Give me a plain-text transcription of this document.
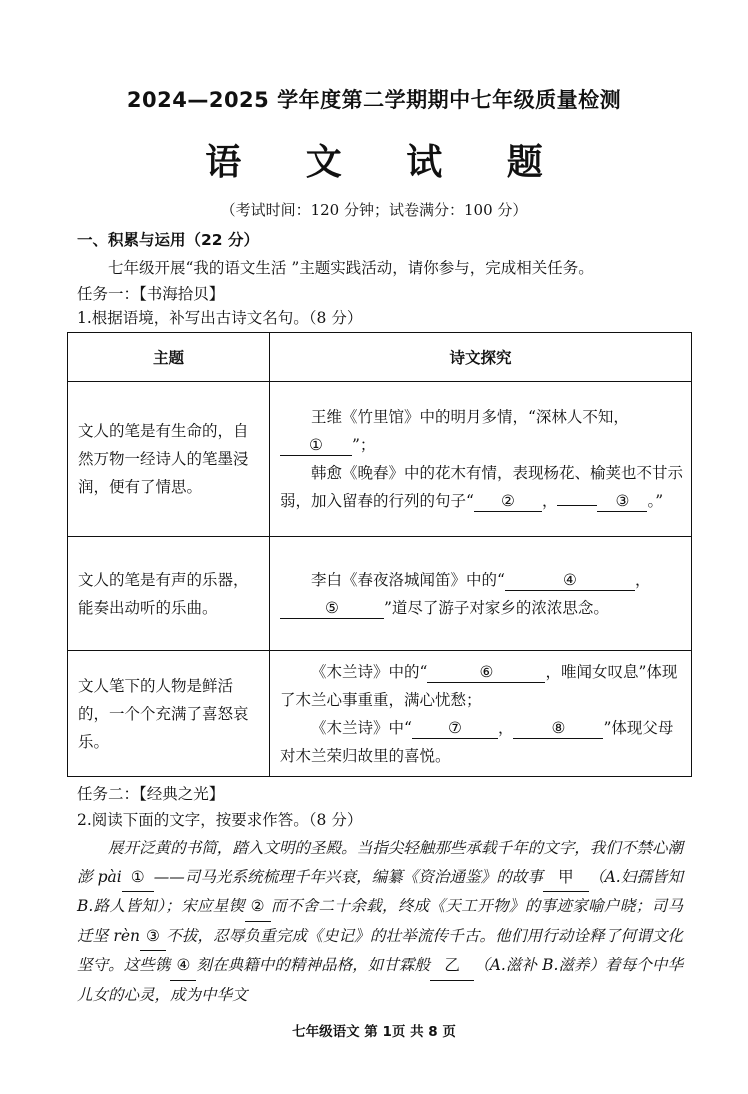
2024—2025 学年度第二学期期中七年级质量检测
语 文 试 题
（考试时间：120 分钟；试卷满分：100 分）
一、积累与运用（22 分）
七年级开展“我的语文生活 ”主题实践活动，请你参与，完成相关任务。
任务一：【书海拾贝】
1.根据语境，补写出古诗文名句。（8 分）
主题	诗文探究
文人的笔是有生命的，自然万物一经诗人的笔墨浸润，便有了情思。	王维《竹里馆》中的明月多情，“深林人不知，① ”；
韩愈《晚春》中的花木有情，表现杨花、榆荚也不甘示弱，加入留春的行列的句子“ ② ， ③ 。”

文人的笔是有声的乐器，能奏出动听的乐曲。	李白《春夜洛城闻笛》中的“ ④ ， ⑤ ”道尽了游子对家乡的浓浓思念。

文人笔下的人物是鲜活的，一个个充满了喜怒哀乐。	《木兰诗》中的“ ⑥ ，唯闻女叹息”体现了木兰心事重重，满心忧愁；
《木兰诗》中“ ⑦ ， ⑧ ”体现父母对木兰荣归故里的喜悦。
任务二：【经典之光】
2.阅读下面的文字，按要求作答。（8 分）
展开泛黄的书简，踏入文明的圣殿。当指尖轻触那些承载千年的文字，我们不禁心潮澎 pài ① ——司马光系统梳理千年兴衰，编纂《资治通鉴》的故事 甲 （A.妇孺皆知 B.路人皆知）；宋应星锲 ② 而不舍二十余载，终成《天工开物》的事迹家喻户晓；司马迁坚 rèn ③ 不拔，忍辱负重完成《史记》的壮举流传千古。他们用行动诠释了何谓文化坚守。这些镌 ④ 刻在典籍中的精神品格，如甘霖般 乙 （A.滋补 B.滋养）着每个中华儿女的心灵，成为中华文
七年级语文 第 1页 共 8 页
